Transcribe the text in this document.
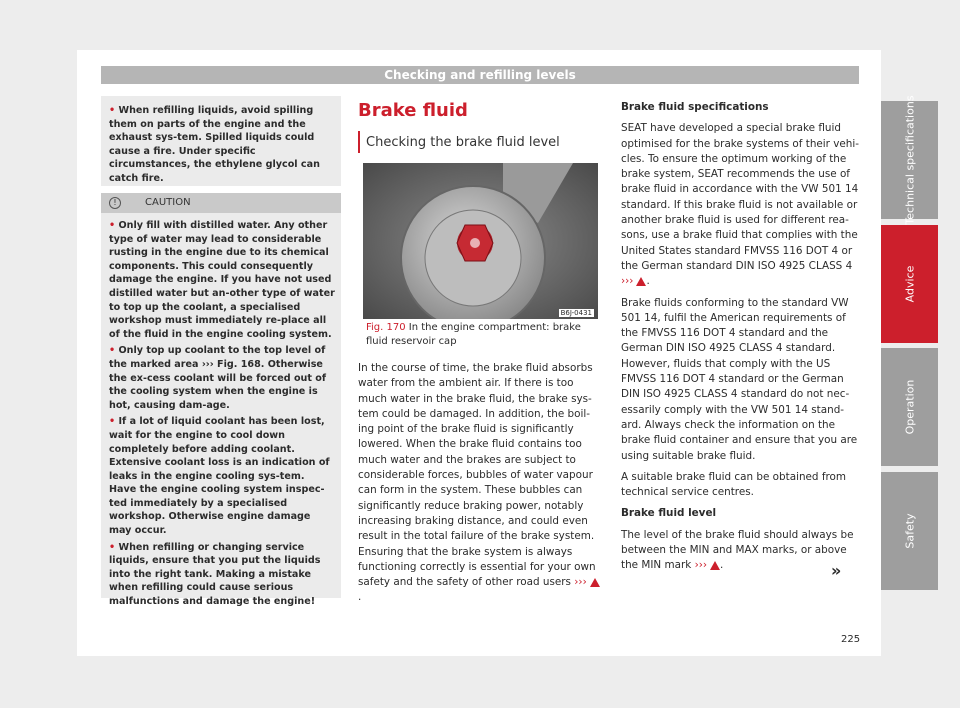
Checking and refilling levels

• When refilling liquids, avoid spilling them on parts of the engine and the exhaust sys-tem. Spilled liquids could cause a fire. Under specific circumstances, the ethylene glycol can catch fire.

!	CAUTION

• Only fill with distilled water. Any other type of water may lead to considerable rusting in the engine due to its chemical components. This could consequently damage the engine. If you have not used distilled water but an-other type of water to top up the coolant, a specialised workshop must immediately re-place all of the fluid in the engine cooling system.

• Only top up coolant to the top level of the marked area ››› Fig. 168. Otherwise the ex-cess coolant will be forced out of the cooling system when the engine is hot, causing dam-age.

• If a lot of liquid coolant has been lost, wait for the engine to cool down completely before adding coolant. Extensive coolant loss is an indication of leaks in the engine cooling sys-tem. Have the engine cooling system inspec-ted immediately by a specialised workshop. Otherwise engine damage may occur.

• When refilling or changing service liquids, ensure that you put the liquids into the right tank. Making a mistake when refilling could cause serious malfunctions and damage the engine!

Brake fluid
Checking the brake fluid level
B6J-0431
Fig. 170 In the engine compartment: brake fluid reservoir cap
In the course of time, the brake fluid absorbs water from the ambient air. If there is too much water in the brake fluid, the brake sys-tem could be damaged. In addition, the boil-ing point of the brake fluid is significantly lowered. When the brake fluid contains too much water and the brakes are subject to considerable forces, bubbles of water vapour can form in the system. These bubbles can significantly reduce braking power, notably increasing braking distance, and could even result in the total failure of the brake system. Ensuring that the brake system is always functioning correctly is essential for your own safety and the safety of other road users ›››.

Brake fluid specifications

SEAT have developed a special brake fluid optimised for the brake systems of their vehi-cles. To ensure the optimum working of the brake system, SEAT recommends the use of brake fluid in accordance with the VW 501 14 standard. If this brake fluid is not available or another brake fluid is used for different rea-sons, use a brake fluid that complies with the United States standard FMVSS 116 DOT 4 or the German standard DIN ISO 4925 CLASS 4 ››› .

Brake fluids conforming to the standard VW 501 14, fulfil the American requirements of the FMVSS 116 DOT 4 standard and the German DIN ISO 4925 CLASS 4 standard. However, fluids that comply with the US FMVSS 116 DOT 4 standard or the German DIN ISO 4925 CLASS 4 standard do not nec-essarily comply with the VW 501 14 stand-ard. Always check the information on the brake fluid container and ensure that you are using suitable brake fluid.

A suitable brake fluid can be obtained from technical service centres.

Brake fluid level

The level of the brake fluid should always be between the MIN and MAX marks, or above the MIN mark ››› .	»
Technical specifications
Advice
Operation
Safety
225
